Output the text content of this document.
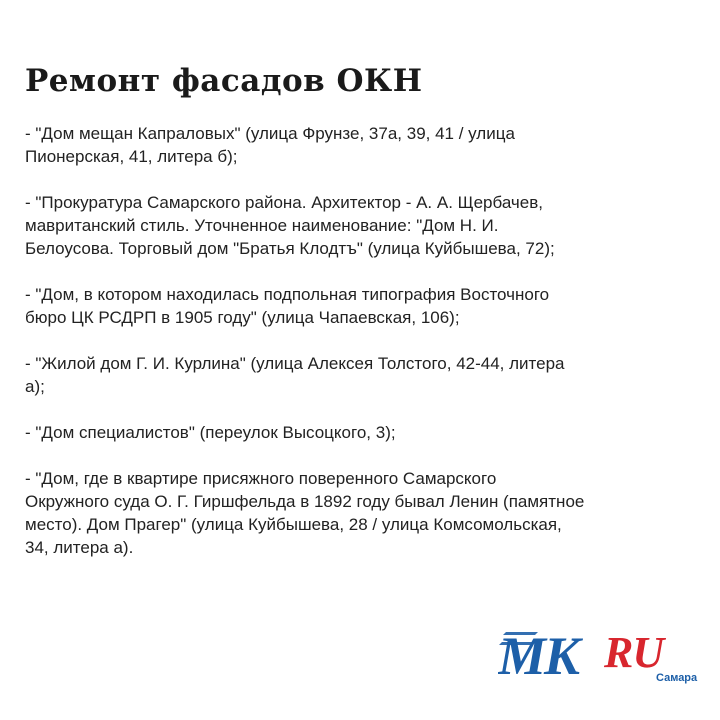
Ремонт фасадов ОКН
- "Дом мещан Капраловых" (улица Фрунзе, 37а, 39, 41 / улица Пионерская, 41, литера б);
- "Прокуратура Самарского района. Архитектор - А. А. Щербачев, мавританский стиль. Уточненное наименование: "Дом Н. И. Белоусова. Торговый дом "Братья Клодтъ" (улица Куйбышева, 72);
- "Дом, в котором находилась подпольная типография Восточного бюро ЦК РСДРП в 1905 году" (улица Чапаевская, 106);
- "Жилой дом Г. И. Курлина" (улица Алексея Толстого, 42-44, литера а);
- "Дом специалистов" (переулок Высоцкого, 3);
- "Дом, где в квартире присяжного поверенного Самарского Окружного суда О. Г. Гиршфельда в 1892 году бывал Ленин (памятное место). Дом Прагер" (улица Куйбышева, 28 / улица Комсомольская, 34, литера а).
MK RU
Самара
